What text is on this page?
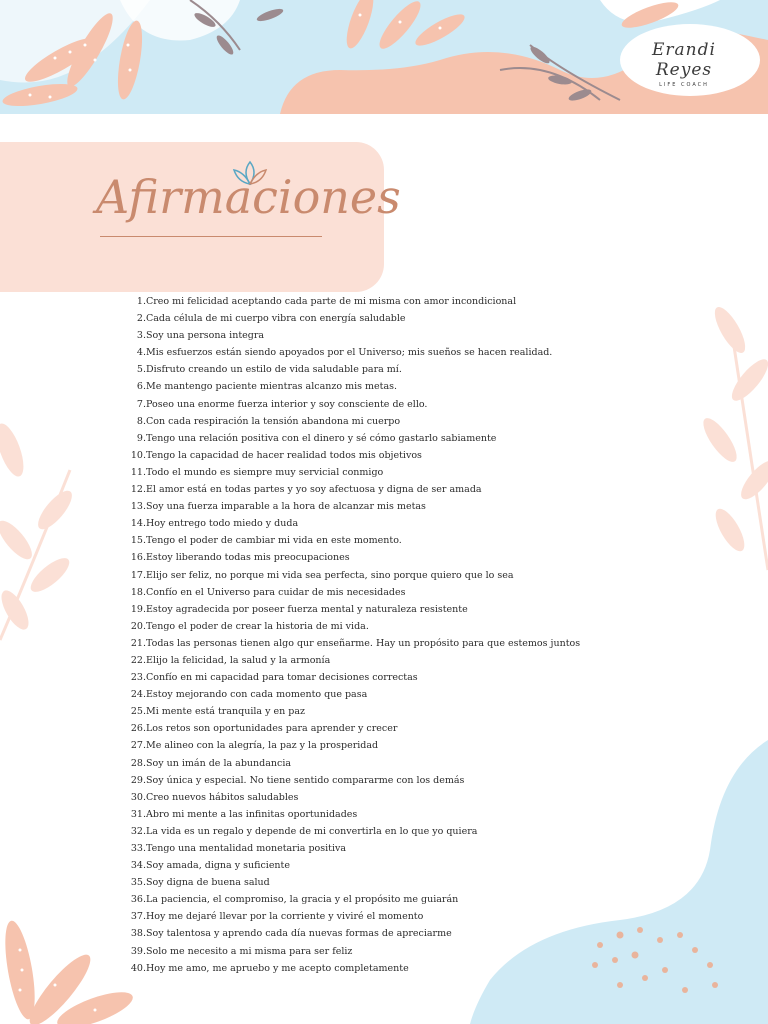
Erandi Reyes
LIFE COACH
Afirmaciones
1. Creo mi felicidad aceptando cada parte de mi misma con amor incondicional
2. Cada célula de mi cuerpo vibra con energía saludable
3. Soy una persona integra
4. Mis esfuerzos están siendo apoyados por el Universo; mis sueños se hacen realidad.
5. Disfruto creando un estilo de vida saludable para mí.
6. Me mantengo paciente mientras alcanzo mis metas.
7. Poseo una enorme fuerza interior y soy consciente de ello.
8. Con cada respiración la tensión abandona mi cuerpo
9. Tengo una relación positiva con el dinero y sé cómo gastarlo sabiamente
10. Tengo la capacidad de hacer realidad todos mis objetivos
11. Todo el mundo es siempre muy servicial conmigo
12. El amor está en todas partes y yo soy afectuosa y digna de ser amada
13. Soy una fuerza imparable a la hora de alcanzar mis metas
14. Hoy entrego todo miedo y duda
15. Tengo el poder de cambiar mi vida en este momento.
16. Estoy liberando todas mis preocupaciones
17. Elijo ser feliz, no porque mi vida sea perfecta, sino porque quiero que lo sea
18. Confío en el Universo para cuidar de mis necesidades
19. Estoy agradecida por poseer fuerza mental y naturaleza resistente
20. Tengo el poder de crear la historia de mi vida.
21. Todas las personas tienen algo qur enseñarme. Hay un propósito para que estemos juntos
22. Elijo la felicidad, la salud y la armonía
23. Confío en mi capacidad para tomar decisiones correctas
24. Estoy mejorando con cada momento que pasa
25. Mi mente está tranquila y en paz
26. Los retos son oportunidades para aprender y crecer
27. Me alineo con la alegría, la paz y la prosperidad
28. Soy un imán de la abundancia
29. Soy única y especial. No tiene sentido compararme con los demás
30. Creo nuevos hábitos saludables
31. Abro mi mente a las infinitas oportunidades
32. La vida es un regalo y depende de mi convertirla en lo que yo quiera
33. Tengo una mentalidad monetaria positiva
34. Soy amada, digna y suficiente
35. Soy digna de buena salud
36. La paciencia, el compromiso, la gracia y el propósito me guiarán
37. Hoy me dejaré llevar por la corriente y viviré el momento
38. Soy talentosa y aprendo cada día nuevas formas de apreciarme
39. Solo me necesito a mi misma para ser feliz
40. Hoy me amo, me apruebo y me acepto completamente
